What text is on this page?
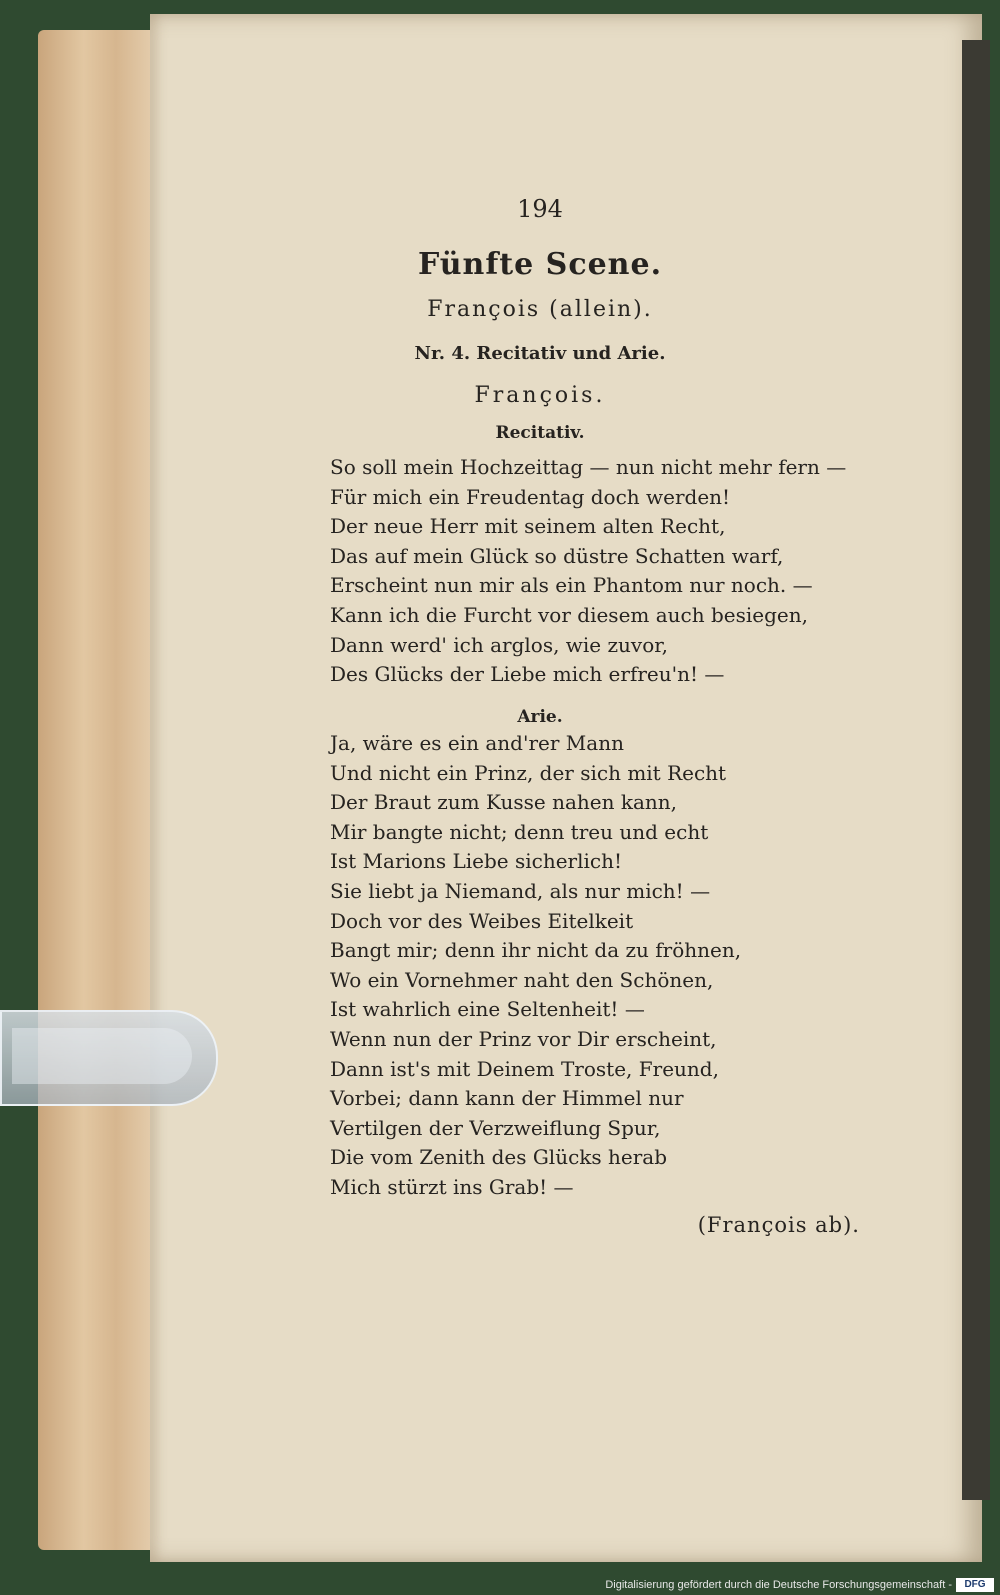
194
Fünfte Scene.
François (allein).
Nr. 4. Recitativ und Arie.
François.
Recitativ.
So soll mein Hochzeittag — nun nicht mehr fern —
Für mich ein Freudentag doch werden!
Der neue Herr mit seinem alten Recht,
Das auf mein Glück so düstre Schatten warf,
Erscheint nun mir als ein Phantom nur noch. —
Kann ich die Furcht vor diesem auch besiegen,
Dann werd' ich arglos, wie zuvor,
Des Glücks der Liebe mich erfreu'n! —
Arie.
Ja, wäre es ein and'rer Mann
Und nicht ein Prinz, der sich mit Recht
Der Braut zum Kusse nahen kann,
Mir bangte nicht; denn treu und echt
Ist Marions Liebe sicherlich!
Sie liebt ja Niemand, als nur mich! —
Doch vor des Weibes Eitelkeit
Bangt mir; denn ihr nicht da zu fröhnen,
Wo ein Vornehmer naht den Schönen,
Ist wahrlich eine Seltenheit! —
Wenn nun der Prinz vor Dir erscheint,
Dann ist's mit Deinem Troste, Freund,
Vorbei; dann kann der Himmel nur
Vertilgen der Verzweiflung Spur,
Die vom Zenith des Glücks herab
Mich stürzt ins Grab! —
(François ab).
Digitalisierung gefördert durch die Deutsche Forschungsgemeinschaft -	DFG
